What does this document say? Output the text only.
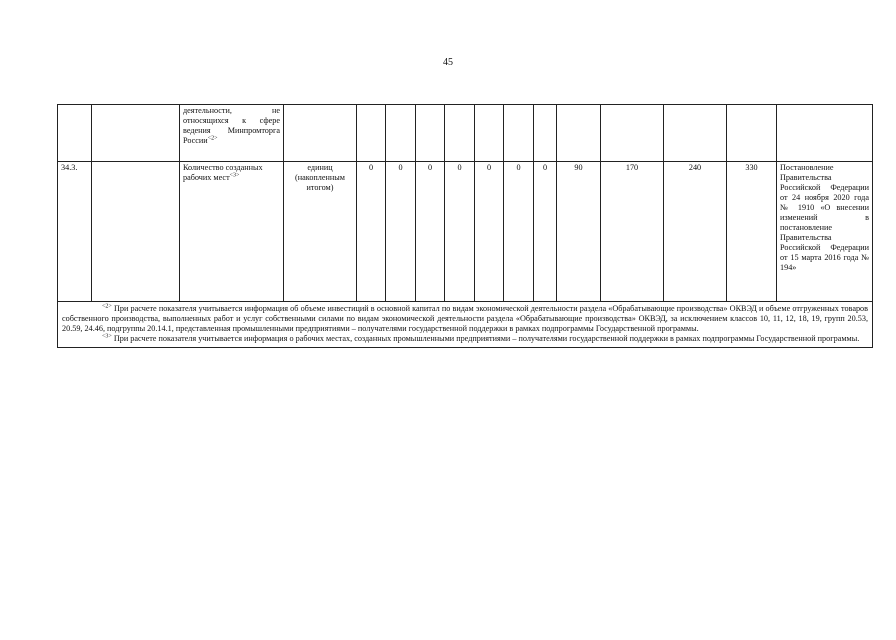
45
		деятельности, не относящихся к сфере ведения Минпромторга России$^{<2>}$													
34.3.		Количество созданных рабочих мест$^{<3>}$	единиц (накопленным итогом)	0	0	0	0	0	0	0	90	170	240	330	Постановление Правительства Российской Федерации от 24 ноября 2020 года № 1910 «О внесении изменений в постановление Правительства Российской Федерации от 15 марта 2016 года № 194»

$^{<2>}$ При расчете показателя учитывается информация об объеме инвестиций в основной капитал по видам экономической деятельности раздела «Обрабатывающие производства» ОКВЭД и объеме отгруженных товаров собственного производства, выполненных работ и услуг собственными силами по видам экономической деятельности раздела «Обрабатывающие производства» ОКВЭД, за исключением классов 10, 11, 12, 18, 19, групп 20.53, 20.59, 24.46, подгруппы 20.14.1, представленная промышленными предприятиями – получателями государственной поддержки в рамках подпрограммы Государственной программы.

$^{<3>}$ При расчете показателя учитывается информация о рабочих местах, созданных промышленными предприятиями – получателями государственной поддержки в рамках подпрограммы Государственной программы.															
